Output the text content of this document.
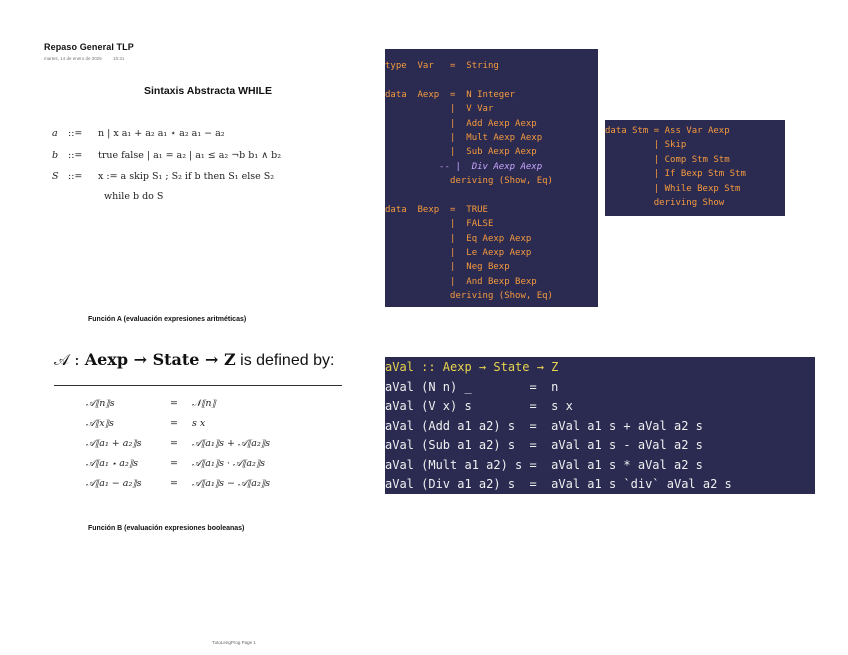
Repaso General TLP
martes, 14 de enero de 2025	10:31
Sintaxis Abstracta WHILE
a ::= n | x a₁ + a₂ a₁ ⋆ a₂ a₁ − a₂
b ::= true false | a₁ = a₂ | a₁ ≤ a₂ ¬b b₁ ∧ b₂
S ::= x := a skip S₁ ; S₂ if b then S₁ else S₂
while b do S
type  Var   =  String
data  Aexp  =  N Integer
|  V Var
|  Add Aexp Aexp
|  Mult Aexp Aexp
|  Sub Aexp Aexp
-- |  Div Aexp Aexp
deriving (Show, Eq)
data  Bexp  =  TRUE
|  FALSE
|  Eq Aexp Aexp
|  Le Aexp Aexp
|  Neg Bexp
|  And Bexp Bexp
deriving (Show, Eq)
data Stm = Ass Var Aexp
| Skip
| Comp Stm Stm
| If Bexp Stm Stm
| While Bexp Stm
deriving Show
Función A (evaluación expresiones aritméticas)
𝒜 : Aexp → State → Z is defined by:
𝒜⟦n⟧s	= 𝒩⟦n⟧
𝒜⟦x⟧s	= s x
𝒜⟦a₁ + a₂⟧s	= 𝒜⟦a₁⟧s + 𝒜⟦a₂⟧s
𝒜⟦a₁ ⋆ a₂⟧s	= 𝒜⟦a₁⟧s · 𝒜⟦a₂⟧s
𝒜⟦a₁ − a₂⟧s	= 𝒜⟦a₁⟧s − 𝒜⟦a₂⟧s
aVal :: Aexp → State → Z
aVal (N n) _        =  n
aVal (V x) s        =  s x
aVal (Add a1 a2) s  =  aVal a1 s + aVal a2 s
aVal (Sub a1 a2) s  =  aVal a1 s - aVal a2 s
aVal (Mult a1 a2) s =  aVal a1 s * aVal a2 s
aVal (Div a1 a2) s  =  aVal a1 s `div` aVal a2 s
Función B (evaluación expresiones booleanas)
TutoLengProg Page 1
